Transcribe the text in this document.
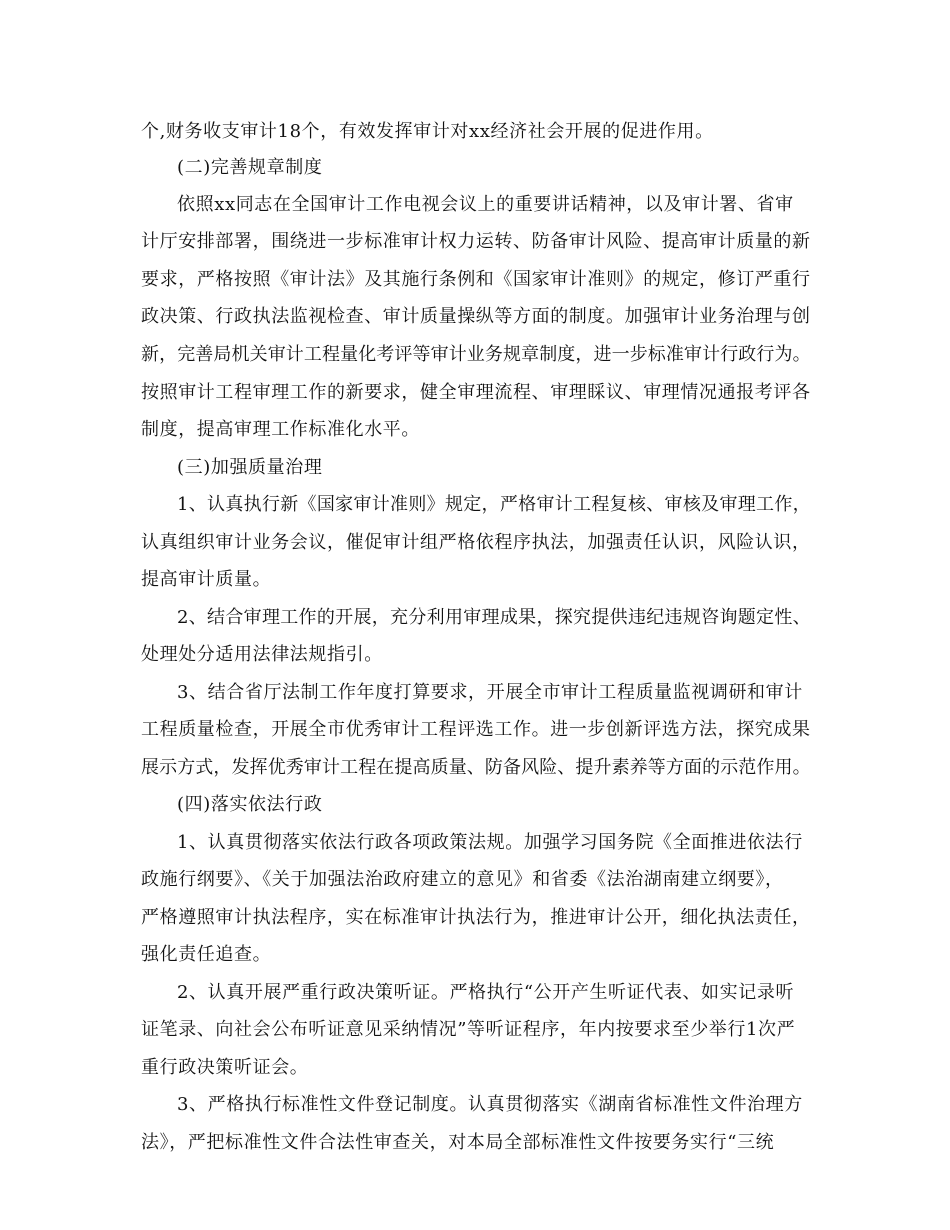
个,财务收支审计18个，有效发挥审计对xx经济社会开展的促进作用。
(二)完善规章制度
依照xx同志在全国审计工作电视会议上的重要讲话精神，以及审计署、省审
计厅安排部署，围绕进一步标准审计权力运转、防备审计风险、提高审计质量的新
要求，严格按照《审计法》及其施行条例和《国家审计准则》的规定，修订严重行
政决策、行政执法监视检查、审计质量操纵等方面的制度。加强审计业务治理与创
新，完善局机关审计工程量化考评等审计业务规章制度，进一步标准审计行政行为。
按照审计工程审理工作的新要求，健全审理流程、审理睬议、审理情况通报考评各
制度，提高审理工作标准化水平。
(三)加强质量治理
1、认真执行新《国家审计准则》规定，严格审计工程复核、审核及审理工作，
认真组织审计业务会议，催促审计组严格依程序执法，加强责任认识，风险认识，
提高审计质量。
2、结合审理工作的开展，充分利用审理成果，探究提供违纪违规咨询题定性、
处理处分适用法律法规指引。
3、结合省厅法制工作年度打算要求，开展全市审计工程质量监视调研和审计
工程质量检查，开展全市优秀审计工程评选工作。进一步创新评选方法，探究成果
展示方式，发挥优秀审计工程在提高质量、防备风险、提升素养等方面的示范作用。
(四)落实依法行政
1、认真贯彻落实依法行政各项政策法规。加强学习国务院《全面推进依法行
政施行纲要》、《关于加强法治政府建立的意见》和省委《法治湖南建立纲要》，
严格遵照审计执法程序，实在标准审计执法行为，推进审计公开，细化执法责任，
强化责任追查。
2、认真开展严重行政决策听证。严格执行“公开产生听证代表、如实记录听
证笔录、向社会公布听证意见采纳情况”等听证程序，年内按要求至少举行1次严
重行政决策听证会。
3、严格执行标准性文件登记制度。认真贯彻落实《湖南省标准性文件治理方
法》，严把标准性文件合法性审查关，对本局全部标准性文件按要务实行“三统
